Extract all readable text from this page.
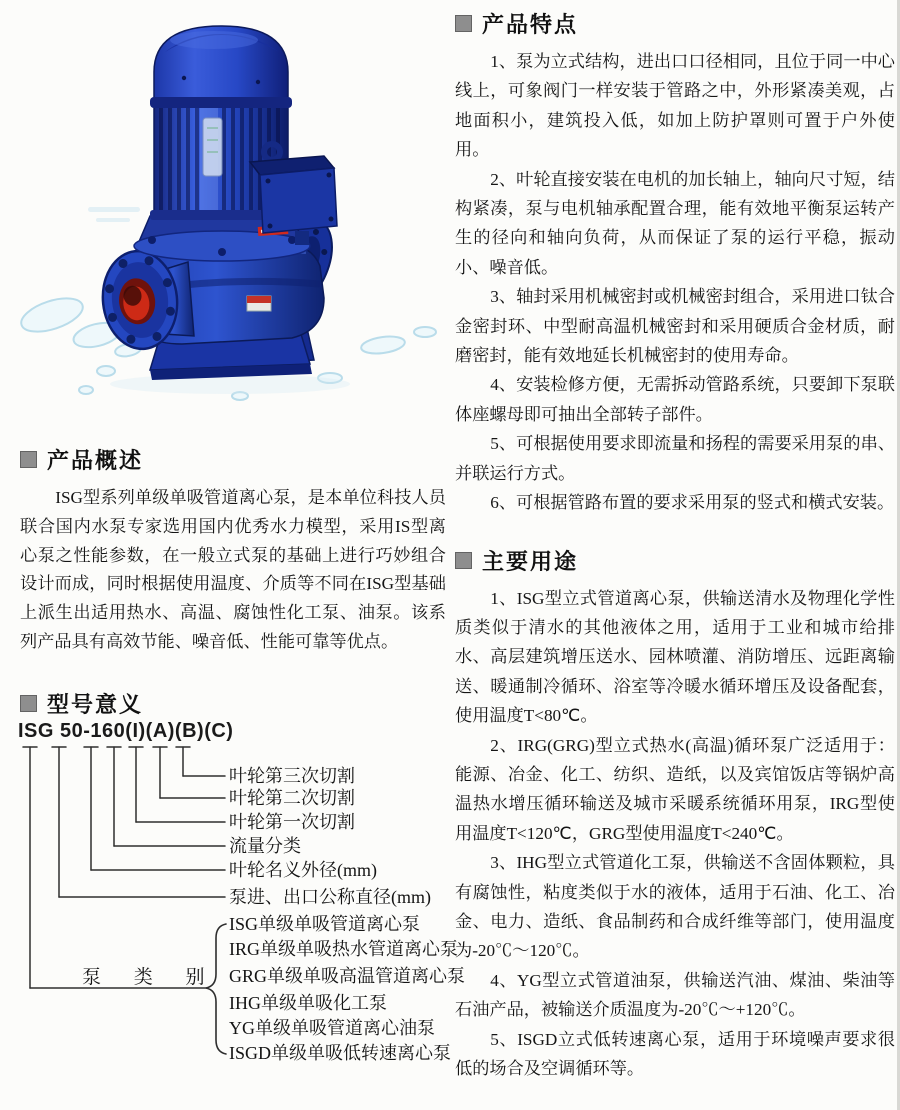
产品概述

ISG型系列单级单吸管道离心泵，是本单位科技人员联合国内水泵专家选用国内优秀水力模型，采用IS型离心泵之性能参数，在一般立式泵的基础上进行巧妙组合设计而成，同时根据使用温度、介质等不同在ISG型基础上派生出适用热水、高温、腐蚀性化工泵、油泵。该系列产品具有高效节能、噪音低、性能可靠等优点。

型号意义
ISG 50-160(I)(A)(B)(C)
叶轮第三次切割
叶轮第二次切割
叶轮第一次切割
流量分类
叶轮名义外径(mm)
泵进、出口公称直径(mm)
泵 类 别
ISG单级单吸管道离心泵
IRG单级单吸热水管道离心泵
GRG单级单吸高温管道离心泵
IHG单级单吸化工泵
YG单级单吸管道离心油泵
ISGD单级单吸低转速离心泵
产品特点

1、泵为立式结构，进出口口径相同，且位于同一中心线上，可象阀门一样安装于管路之中，外形紧凑美观，占地面积小，建筑投入低，如加上防护罩则可置于户外使用。

2、叶轮直接安装在电机的加长轴上，轴向尺寸短，结构紧凑，泵与电机轴承配置合理，能有效地平衡泵运转产生的径向和轴向负荷，从而保证了泵的运行平稳，振动小、噪音低。

3、轴封采用机械密封或机械密封组合，采用进口钛合金密封环、中型耐高温机械密封和采用硬质合金材质，耐磨密封，能有效地延长机械密封的使用寿命。

4、安装检修方便，无需拆动管路系统，只要卸下泵联体座螺母即可抽出全部转子部件。

5、可根据使用要求即流量和扬程的需要采用泵的串、并联运行方式。

6、可根据管路布置的要求采用泵的竖式和横式安装。

主要用途

1、ISG型立式管道离心泵，供输送清水及物理化学性质类似于清水的其他液体之用，适用于工业和城市给排水、高层建筑增压送水、园林喷灌、消防增压、远距离输送、暖通制冷循环、浴室等冷暖水循环增压及设备配套，使用温度T<80℃。

2、IRG(GRG)型立式热水(高温)循环泵广泛适用于：能源、冶金、化工、纺织、造纸，以及宾馆饭店等锅炉高温热水增压循环输送及城市采暖系统循环用泵，IRG型使用温度T<120℃，GRG型使用温度T<240℃。

3、IHG型立式管道化工泵，供输送不含固体颗粒，具有腐蚀性，粘度类似于水的液体，适用于石油、化工、冶金、电力、造纸、食品制药和合成纤维等部门，使用温度为-20℃～120℃。

4、YG型立式管道油泵，供输送汽油、煤油、柴油等石油产品，被输送介质温度为-20℃～+120℃。

5、ISGD立式低转速离心泵，适用于环境噪声要求很低的场合及空调循环等。
